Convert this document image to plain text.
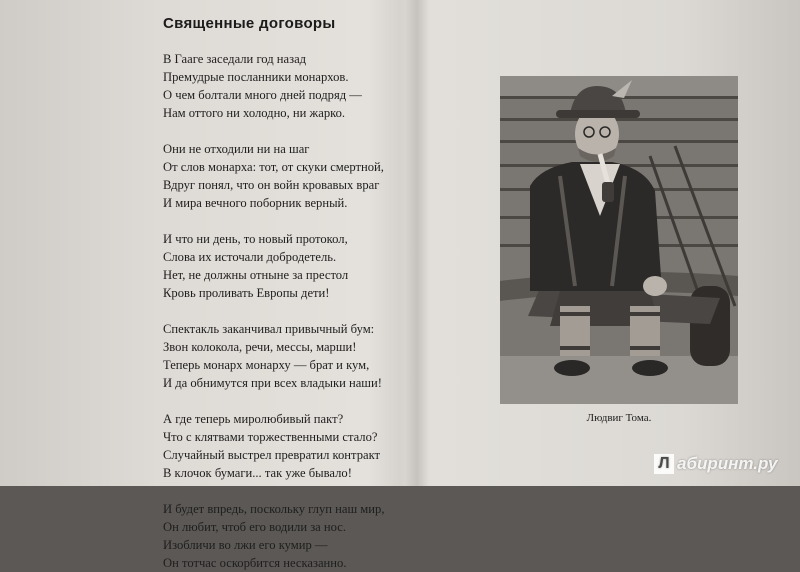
Священные договоры
В Гааге заседали год назад
Премудрые посланники монархов.
О чем болтали много дней подряд —
Нам оттого ни холодно, ни жарко.
Они не отходили ни на шаг
От слов монарха: тот, от скуки смертной,
Вдруг понял, что он войн кровавых враг
И мира вечного поборник верный.
И что ни день, то новый протокол,
Слова их источали добродетель.
Нет, не должны отныне за престол
Кровь проливать Европы дети!
Спектакль заканчивал привычный бум:
Звон колокола, речи, мессы, марши!
Теперь монарх монарху — брат и кум,
И да обнимутся при всех владыки наши!
А где теперь миролюбивый пакт?
Что с клятвами торжественными стало?
Случайный выстрел превратил контракт
В клочок бумаги... так уже бывало!
И будет впредь, поскольку глуп наш мир,
Он любит, чтоб его водили за нос.
Изобличи во лжи его кумир —
Он тотчас оскорбится несказанно.
Людвиг Тома.
Л абиринт.ру
